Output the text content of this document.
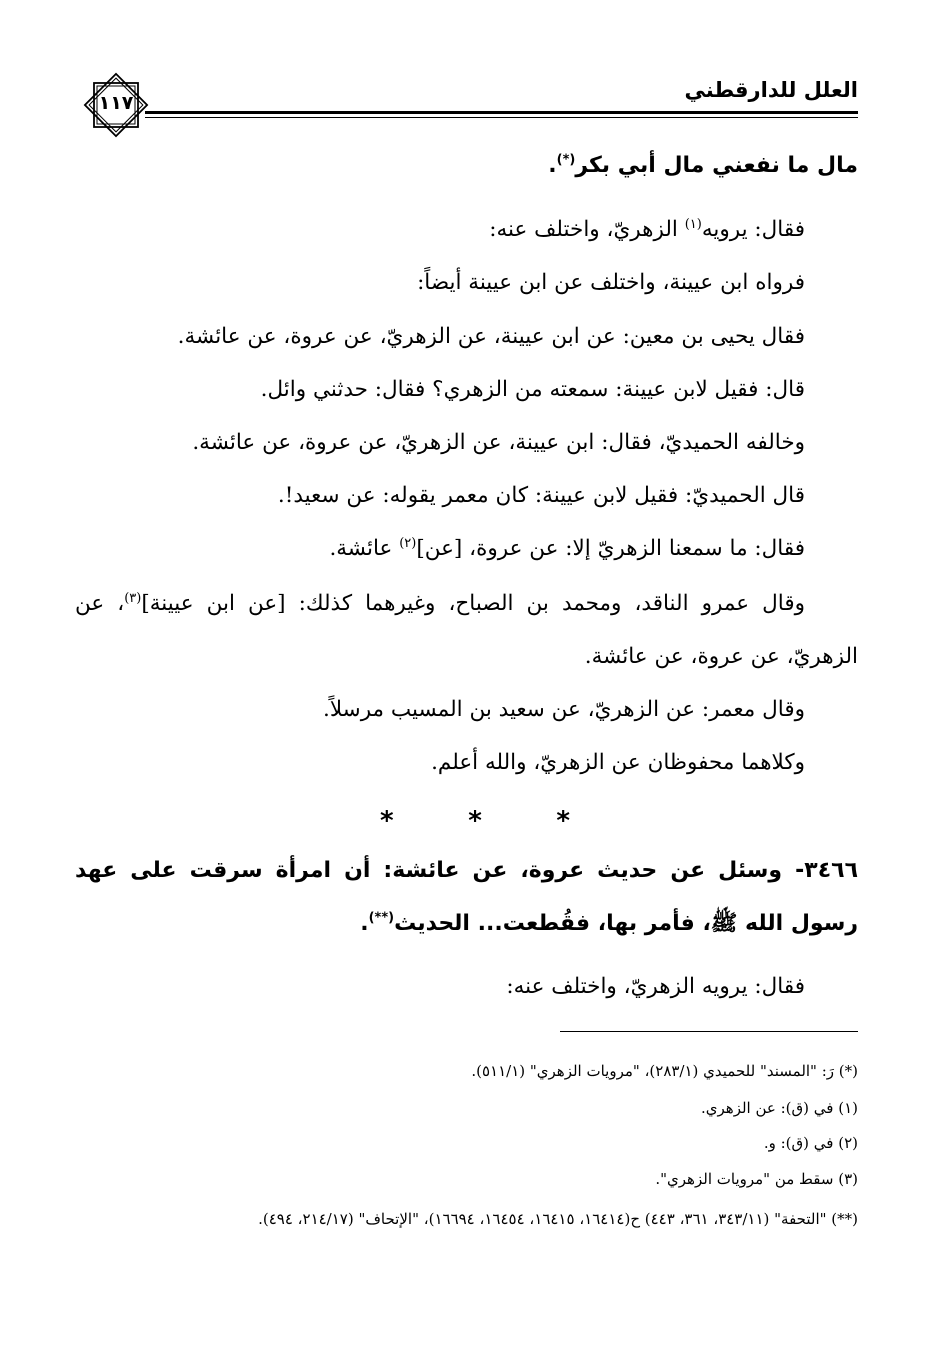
العلل للدارقطني
١١٧
مال ما نفعني مال أبي بكر(*).
فقال: يرويه$^{(١)}$ الزهريّ، واختلف عنه:
فرواه ابن عيينة، واختلف عن ابن عيينة أيضاً:
فقال يحيى بن معين: عن ابن عيينة، عن الزهريّ، عن عروة، عن عائشة.
قال: فقيل لابن عيينة: سمعته من الزهري؟ فقال: حدثني وائل.
وخالفه الحميديّ، فقال: ابن عيينة، عن الزهريّ، عن عروة، عن عائشة.
قال الحميديّ: فقيل لابن عيينة: كان معمر يقوله: عن سعيد!.
فقال: ما سمعنا الزهريّ إلا: عن عروة، [عن]$^{(٢)}$ عائشة.
وقال عمرو الناقد، ومحمد بن الصباح، وغيرهما كذلك: [عن ابن عيينة]$^{(٣)}$، عن
الزهريّ، عن عروة، عن عائشة.
وقال معمر: عن الزهريّ، عن سعيد بن المسيب مرسلاً.
وكلاهما محفوظان عن الزهريّ، والله أعلم.
*	*	*
٣٤٦٦- وسئل عن حديث عروة، عن عائشة: أن امرأة سرقت على عهد
رسول الله ﷺ، فأمر بها، فقُطعت... الحديث(**).
فقال: يرويه الزهريّ، واختلف عنه:
(*) رَ: "المسند" للحميدي (٢٨٣/١)، "مرويات الزهري" (٥١١/١).
(١) في (ق): عن الزهري.
(٢) في (ق): و.
(٣) سقط من "مرويات الزهري".
(**) "التحفة" (٣٤٣/١١، ٣٦١، ٤٤٣) ح(١٦٤١٤، ١٦٤١٥، ١٦٤٥٤، ١٦٦٩٤)، "الإتحاف" (٢١٤/١٧، ٤٩٤).
